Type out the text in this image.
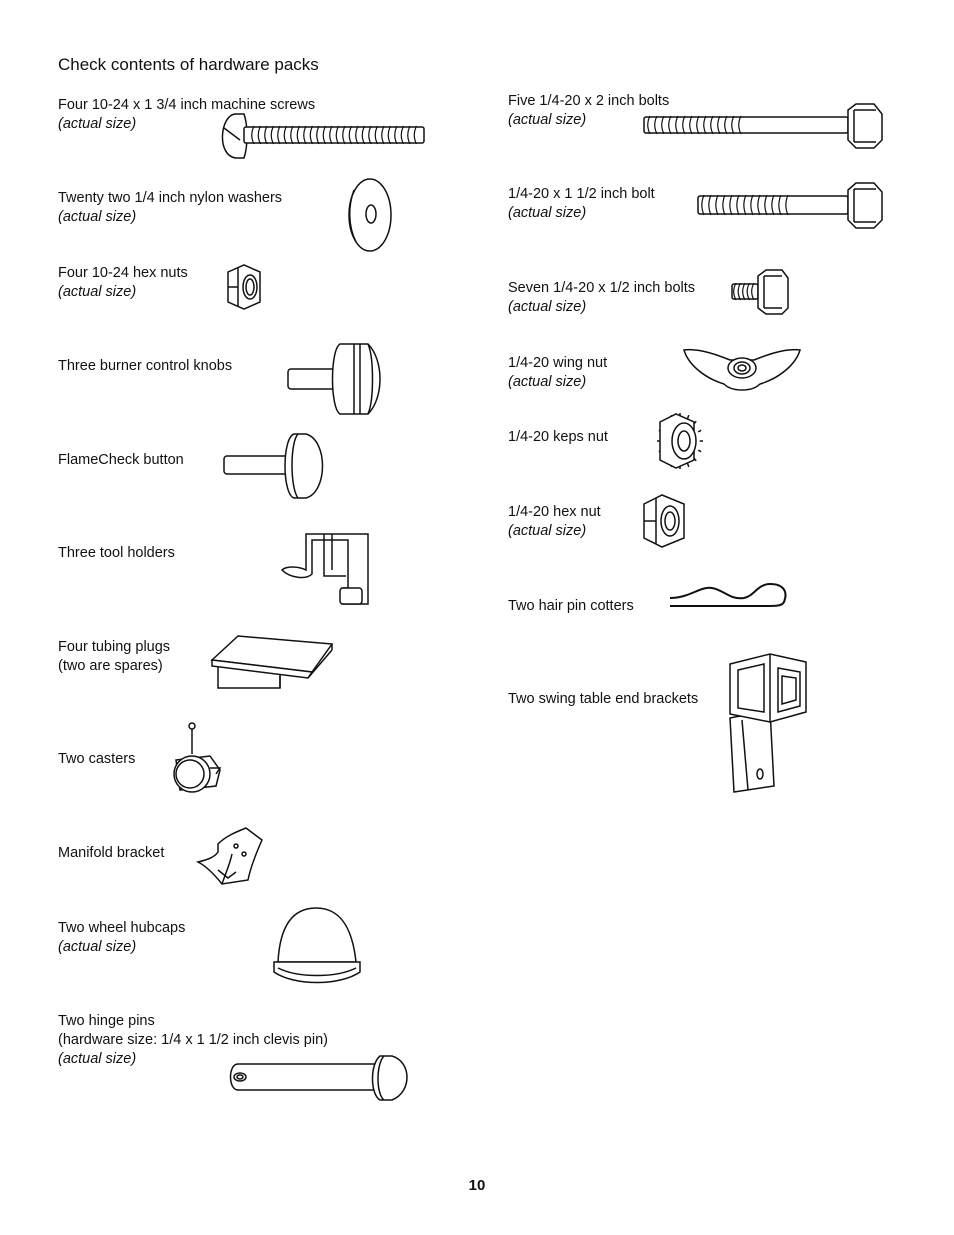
Check contents of hardware packs
Four 10-24 x 1 3/4 inch machine screws
(actual size)
Twenty two 1/4 inch nylon washers
(actual size)
Four 10-24 hex nuts
(actual size)
Three burner control knobs
FlameCheck button
Three tool holders
Four tubing plugs
(two are spares)
Two casters
Manifold bracket
Two wheel hubcaps
(actual size)
Two hinge pins
(hardware size: 1/4 x 1 1/2 inch clevis pin)
(actual size)
Five 1/4-20 x 2 inch bolts
(actual size)
1/4-20 x 1 1/2 inch bolt
(actual size)
Seven 1/4-20 x 1/2 inch bolts
(actual size)
1/4-20 wing nut
(actual size)
1/4-20 keps nut
1/4-20 hex nut
(actual size)
Two hair pin cotters
Two swing table end brackets
10
